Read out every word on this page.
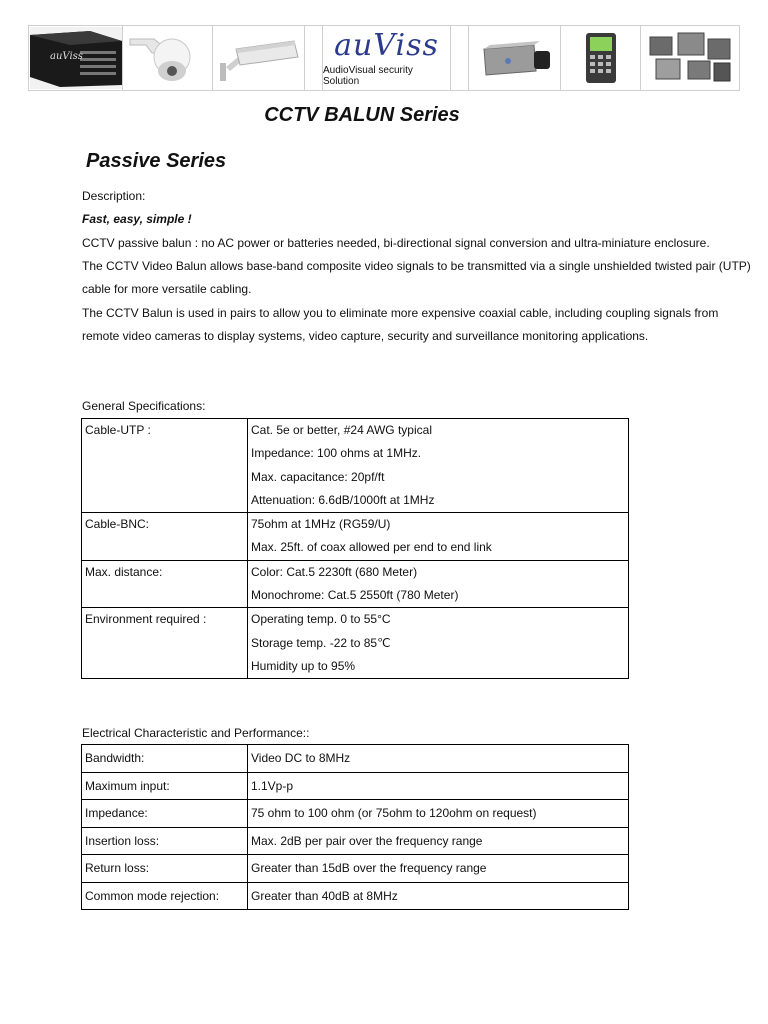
auViss	auViss
AudioVisual security Solution
CCTV BALUN Series
Passive Series
Description:
Fast, easy, simple !
CCTV passive balun : no AC power or batteries needed, bi-directional signal conversion and ultra-miniature enclosure.
The CCTV Video Balun allows base-band composite video signals to be transmitted via a single unshielded twisted pair (UTP)
cable for more versatile cabling.
The CCTV Balun is used in pairs to allow you to eliminate more expensive coaxial cable, including coupling signals from
remote video cameras to display systems, video capture, security and surveillance monitoring applications.
General Specifications:
Cable-UTP :	Cat. 5e or better, #24 AWG typical
Impedance: 100 ohms at 1MHz.
Max. capacitance: 20pf/ft
Attenuation: 6.6dB/1000ft at 1MHz

Cable-BNC:	75ohm at 1MHz (RG59/U)
Max. 25ft. of coax allowed per end to end link

Max. distance:	Color: Cat.5 2230ft (680 Meter)
Monochrome: Cat.5 2550ft (780 Meter)

Environment required :	Operating temp. 0 to 55°C
Storage temp. -22 to 85℃
Humidity up to 95%
Electrical Characteristic and Performance::
Bandwidth:	Video DC to 8MHz
Maximum input:	1.1Vp-p
Impedance:	75 ohm to 100 ohm (or 75ohm to 120ohm on request)
Insertion loss:	Max. 2dB per pair over the frequency range
Return loss:	Greater than 15dB over the frequency range
Common mode rejection:	Greater than 40dB at 8MHz
